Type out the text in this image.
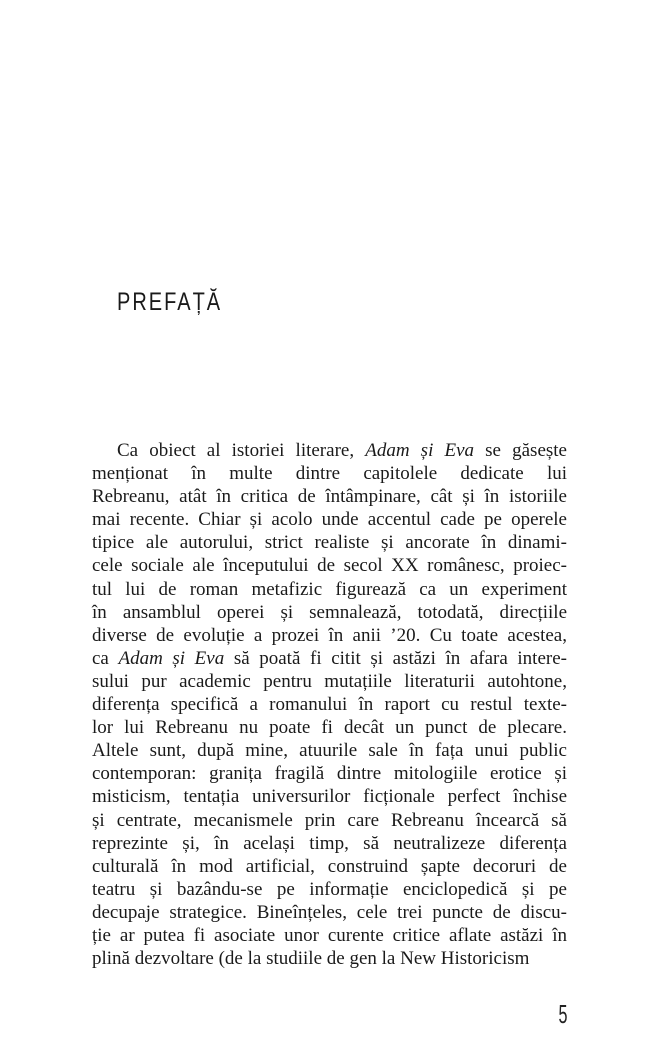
PREFAȚĂ
Ca obiect al istoriei literare, Adam și Eva se găsește
menționat în multe dintre capitolele dedicate lui
Rebreanu, atât în critica de întâmpinare, cât și în istoriile
mai recente. Chiar și acolo unde accentul cade pe operele
tipice ale autorului, strict realiste și ancorate în dinami-
cele sociale ale începutului de secol XX românesc, proiec-
tul lui de roman metafizic figurează ca un experiment
în ansamblul operei și semnalează, totodată, direcțiile
diverse de evoluție a prozei în anii ’20. Cu toate acestea,
ca Adam și Eva să poată fi citit și astăzi în afara intere-
sului pur academic pentru mutațiile literaturii autohtone,
diferența specifică a romanului în raport cu restul texte-
lor lui Rebreanu nu poate fi decât un punct de plecare.
Altele sunt, după mine, atuurile sale în fața unui public
contemporan: granița fragilă dintre mitologiile erotice și
misticism, tentația universurilor ficționale perfect închise
și centrate, mecanismele prin care Rebreanu încearcă să
reprezinte și, în același timp, să neutralizeze diferența
culturală în mod artificial, construind șapte decoruri de
teatru și bazându-se pe informație enciclopedică și pe
decupaje strategice. Bineînțeles, cele trei puncte de discu-
ție ar putea fi asociate unor curente critice aflate astăzi în
plină dezvoltare (de la studiile de gen la New Historicism
5
